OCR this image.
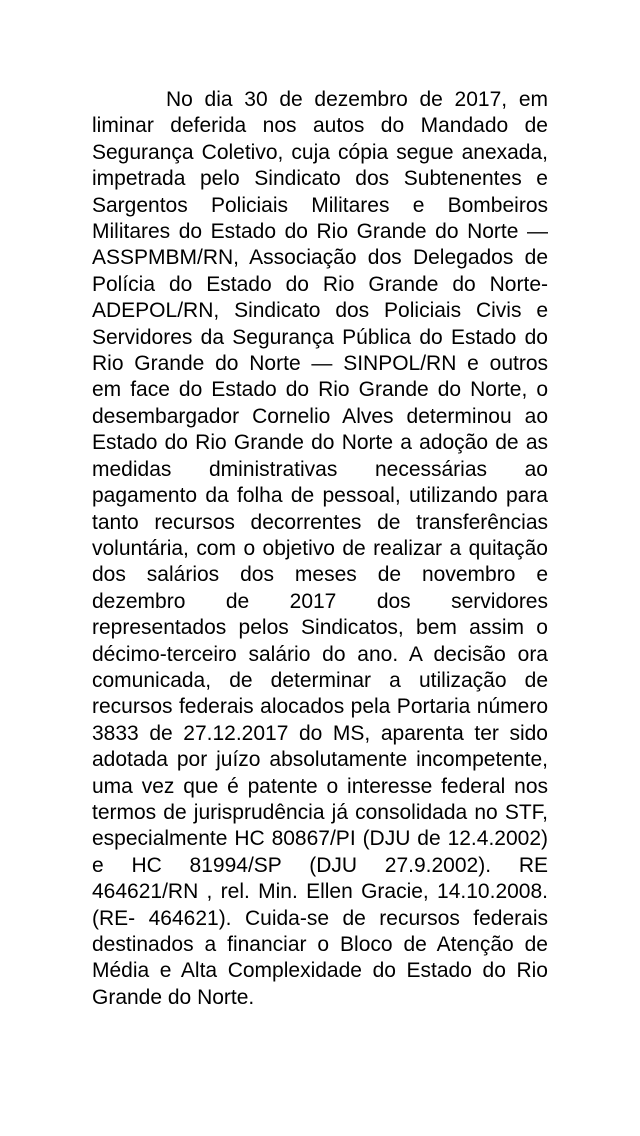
No dia 30 de dezembro de 2017, em liminar deferida nos autos do Mandado de Segurança Coletivo, cuja cópia segue anexada, impetrada pelo Sindicato dos Subtenentes e Sargentos Policiais Militares e Bombeiros Militares do Estado do Rio Grande do Norte — ASSPMBM/RN, Associação dos Delegados de Polícia do Estado do Rio Grande do Norte-ADEPOL/RN, Sindicato dos Policiais Civis e Servidores da Segurança Pública do Estado do Rio Grande do Norte — SINPOL/RN e outros em face do Estado do Rio Grande do Norte, o desembargador Cornelio Alves determinou ao Estado do Rio Grande do Norte a adoção de as medidas dministrativas necessárias ao pagamento da folha de pessoal, utilizando para tanto recursos decorrentes de transferências voluntária, com o objetivo de realizar a quitação dos salários dos meses de novembro e dezembro de 2017 dos servidores representados pelos Sindicatos, bem assim o décimo-terceiro salário do ano. A decisão ora comunicada, de determinar a utilização de recursos federais alocados pela Portaria número 3833 de 27.12.2017 do MS, aparenta ter sido adotada por juízo absolutamente incompetente, uma vez que é patente o interesse federal nos termos de jurisprudência já consolidada no STF, especialmente HC 80867/PI (DJU de 12.4.2002) e HC 81994/SP (DJU 27.9.2002). RE 464621/RN , rel. Min. Ellen Gracie, 14.10.2008. (RE- 464621). Cuida-se de recursos federais destinados a financiar o Bloco de Atenção de Média e Alta Complexidade do Estado do Rio Grande do Norte.
